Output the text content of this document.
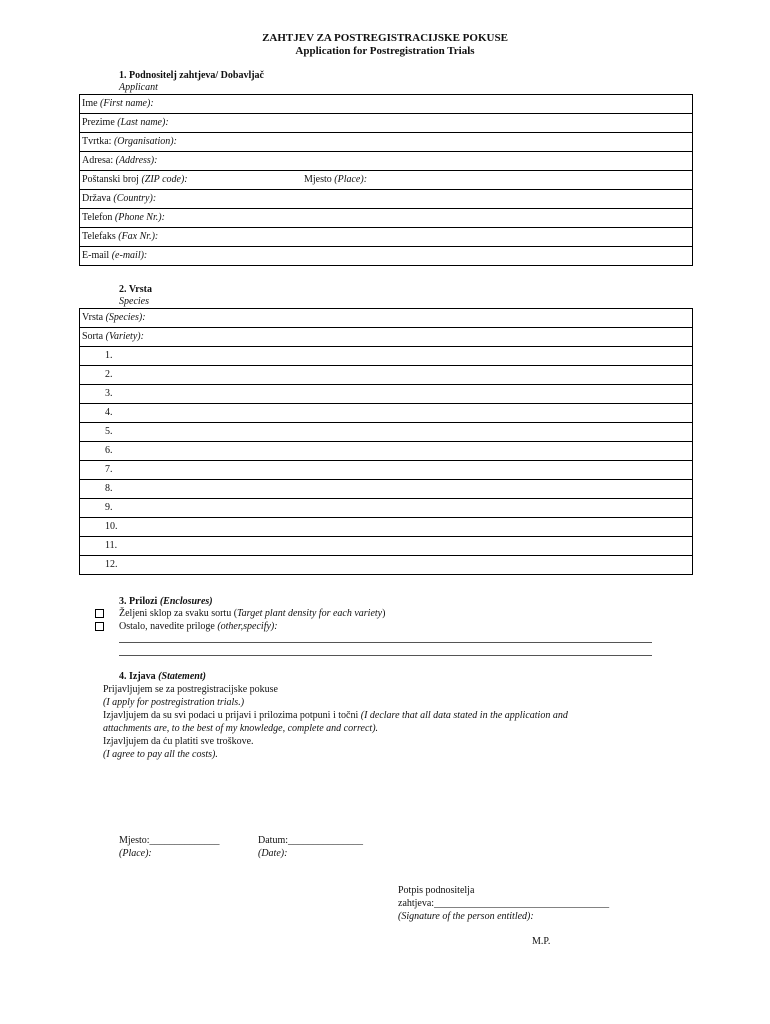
ZAHTJEV ZA POSTREGISTRACIJSKE POKUSE
Application for Postregistration Trials
1. Podnositelj zahtjeva/ Dobavljač
Applicant
Ime (First name):
Prezime (Last name):
Tvrtka: (Organisation):
Adresa: (Address):

Poštanski broj (ZIP code):	Mjesto (Place):

Država (Country):
Telefon (Phone Nr.):
Telefaks (Fax Nr.):
E-mail (e-mail):
2. Vrsta
Species
Vrsta (Species):
Sorta (Variety):
1.
2.
3.
4.
5.
6.
7.
8.
9.
10.
11.
12.
3. Prilozi (Enclosures)
Željeni sklop za svaku sortu (Target plant density for each variety)
Ostalo, navedite priloge (other,specify):
4. Izjava (Statement)
Prijavljujem se za postregistracijske pokuse
(I apply for postregistration trials.)
Izjavljujem da su svi podaci u prijavi i prilozima potpuni i točni (I declare that all data stated in the application and
attachments are, to the best of my knowledge, complete and correct).
Izjavljujem da ću platiti sve troškove.
(I agree to pay all the costs).
Mjesto:______________
(Place):
Datum:_______________
(Date):
Potpis podnositelja
zahtjeva:___________________________________
(Signature of the person entitled):
M.P.
